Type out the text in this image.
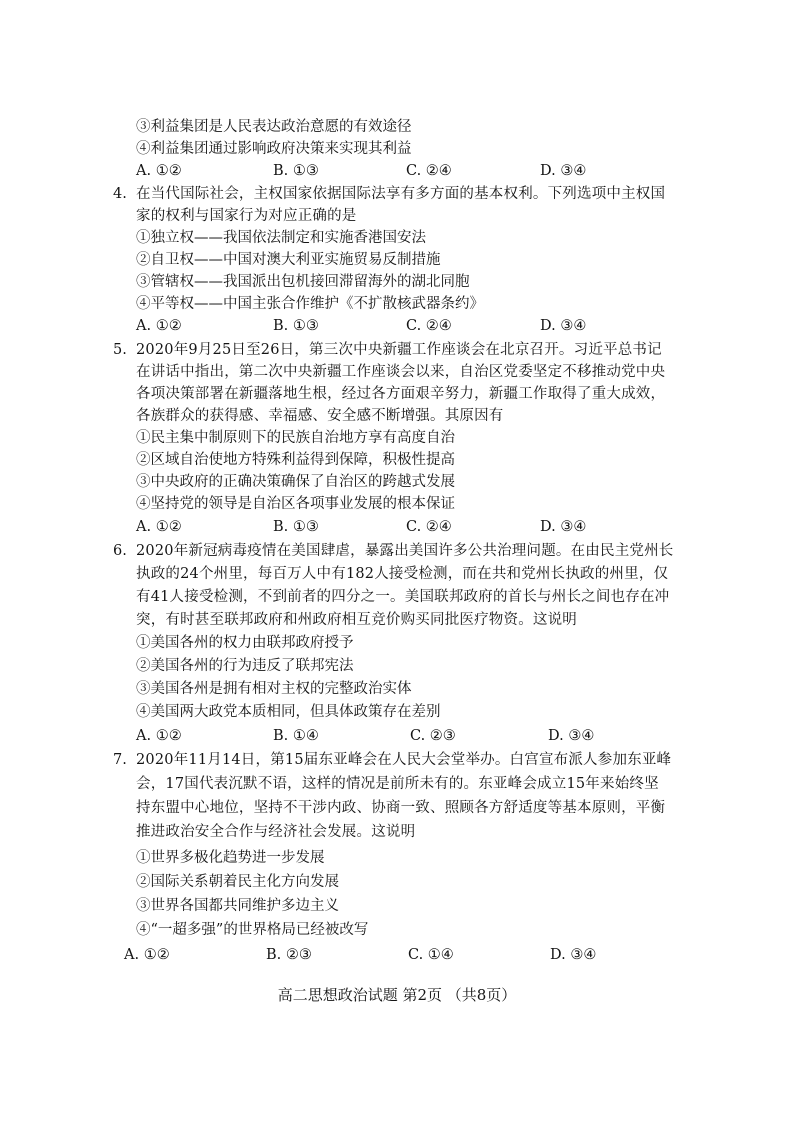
③利益集团是人民表达政治意愿的有效途径
④利益集团通过影响政府决策来实现其利益
A. ①②	B. ①③	C. ②④	D. ③④
4. 在当代国际社会，主权国家依据国际法享有多方面的基本权利。下列选项中主权国
家的权利与国家行为对应正确的是
①独立权——我国依法制定和实施香港国安法
②自卫权——中国对澳大利亚实施贸易反制措施
③管辖权——我国派出包机接回滞留海外的湖北同胞
④平等权——中国主张合作维护《不扩散核武器条约》
A. ①②	B. ①③	C. ②④	D. ③④
5. 2020年9月25日至26日，第三次中央新疆工作座谈会在北京召开。习近平总书记
在讲话中指出，第二次中央新疆工作座谈会以来，自治区党委坚定不移推动党中央
各项决策部署在新疆落地生根，经过各方面艰辛努力，新疆工作取得了重大成效，
各族群众的获得感、幸福感、安全感不断增强。其原因有
①民主集中制原则下的民族自治地方享有高度自治
②区域自治使地方特殊利益得到保障，积极性提高
③中央政府的正确决策确保了自治区的跨越式发展
④坚持党的领导是自治区各项事业发展的根本保证
A. ①②	B. ①③	C. ②④	D. ③④
6. 2020年新冠病毒疫情在美国肆虐，暴露出美国许多公共治理问题。在由民主党州长
执政的24个州里，每百万人中有182人接受检测，而在共和党州长执政的州里，仅
有41人接受检测，不到前者的四分之一。美国联邦政府的首长与州长之间也存在冲
突，有时甚至联邦政府和州政府相互竞价购买同批医疗物资。这说明
①美国各州的权力由联邦政府授予
②美国各州的行为违反了联邦宪法
③美国各州是拥有相对主权的完整政治实体
④美国两大政党本质相同，但具体政策存在差别
A. ①②	B. ①④	C. ②③	D. ③④
7. 2020年11月14日，第15届东亚峰会在人民大会堂举办。白宫宣布派人参加东亚峰
会，17国代表沉默不语，这样的情况是前所未有的。东亚峰会成立15年来始终坚
持东盟中心地位，坚持不干涉内政、协商一致、照顾各方舒适度等基本原则，平衡
推进政治安全合作与经济社会发展。这说明
①世界多极化趋势进一步发展
②国际关系朝着民主化方向发展
③世界各国都共同维护多边主义
④“一超多强”的世界格局已经被改写
A. ①②	B. ②③	C. ①④	D. ③④
高二思想政治试题 第2页 （共8页）
